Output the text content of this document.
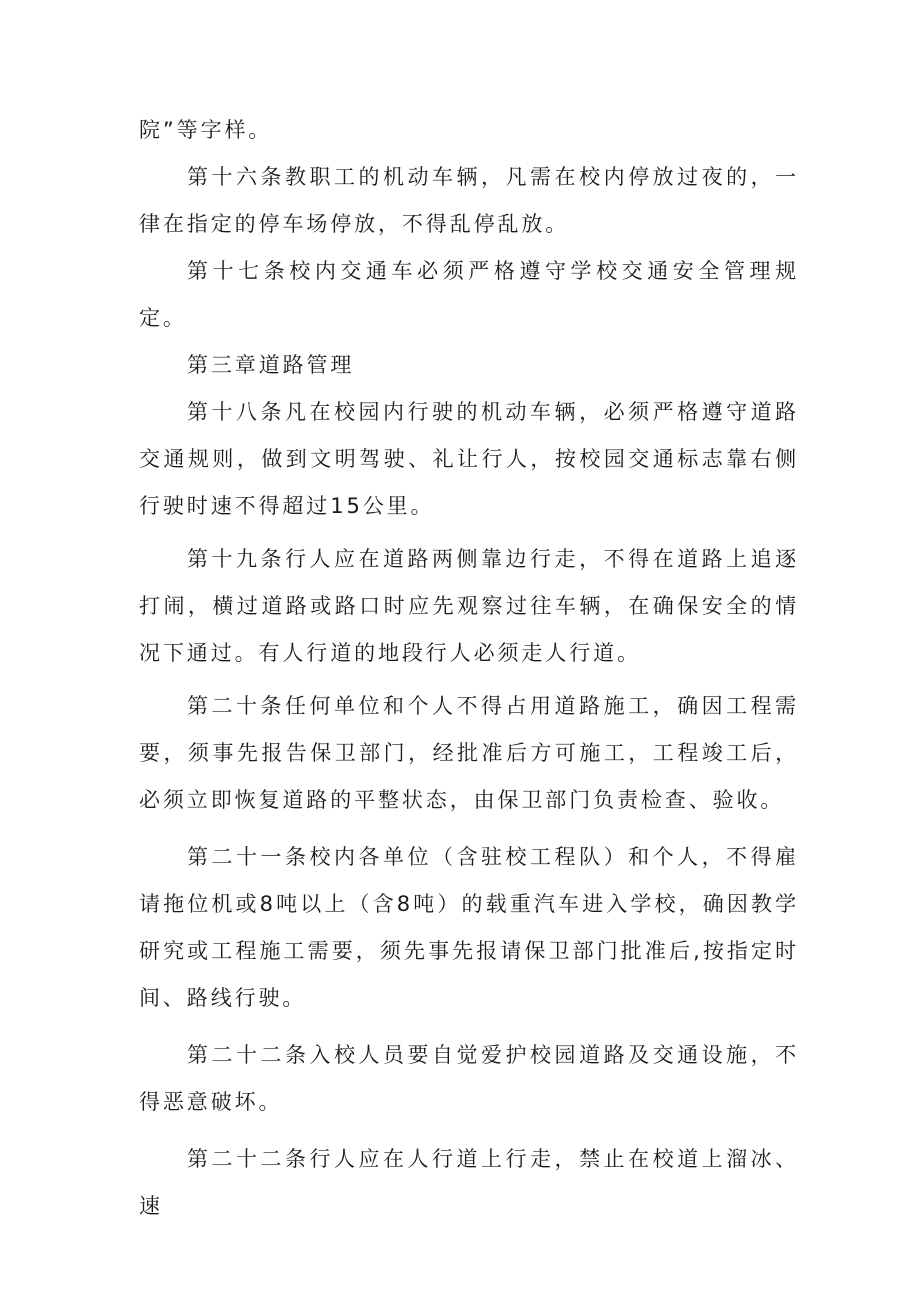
院”等字样。

第十六条教职工的机动车辆，凡需在校内停放过夜的，一律在指定的停车场停放，不得乱停乱放。

第十七条校内交通车必须严格遵守学校交通安全管理规定。

第三章道路管理

第十八条凡在校园内行驶的机动车辆，必须严格遵守道路交通规则，做到文明驾驶、礼让行人，按校园交通标志靠右侧行驶时速不得超过15公里。

第十九条行人应在道路两侧靠边行走，不得在道路上追逐打闹，横过道路或路口时应先观察过往车辆，在确保安全的情况下通过。有人行道的地段行人必须走人行道。

第二十条任何单位和个人不得占用道路施工，确因工程需要，须事先报告保卫部门，经批准后方可施工，工程竣工后，必须立即恢复道路的平整状态，由保卫部门负责检查、验收。

第二十一条校内各单位（含驻校工程队）和个人，不得雇请拖位机或8吨以上（含8吨）的载重汽车进入学校，确因教学研究或工程施工需要，须先事先报请保卫部门批准后,按指定时间、路线行驶。

第二十二条入校人员要自觉爱护校园道路及交通设施，不得恶意破坏。

第二十二条行人应在人行道上行走，禁止在校道上溜冰、速
